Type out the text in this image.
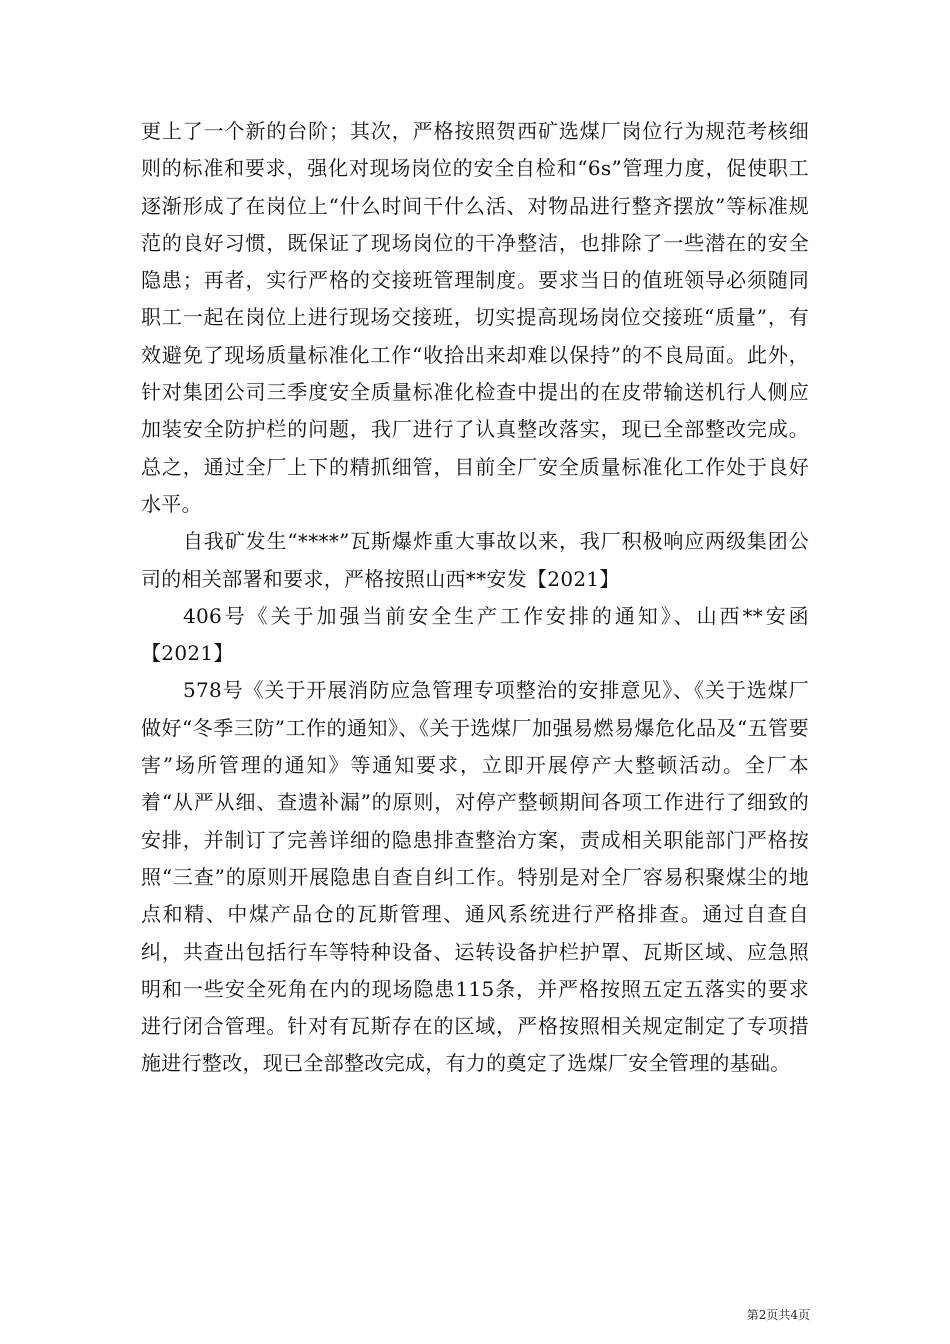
更上了一个新的台阶；其次，严格按照贺西矿选煤厂岗位行为规范考核细则的标准和要求，强化对现场岗位的安全自检和“6s”管理力度，促使职工逐渐形成了在岗位上“什么时间干什么活、对物品进行整齐摆放”等标准规范的良好习惯，既保证了现场岗位的干净整洁，也排除了一些潜在的安全隐患；再者，实行严格的交接班管理制度。要求当日的值班领导必须随同职工一起在岗位上进行现场交接班，切实提高现场岗位交接班“质量”，有效避免了现场质量标准化工作“收拾出来却难以保持”的不良局面。此外，针对集团公司三季度安全质量标准化检查中提出的在皮带输送机行人侧应加装安全防护栏的问题，我厂进行了认真整改落实，现已全部整改完成。总之，通过全厂上下的精抓细管，目前全厂安全质量标准化工作处于良好水平。

自我矿发生“****”瓦斯爆炸重大事故以来，我厂积极响应两级集团公司的相关部署和要求，严格按照山西**安发【2021】

406号《关于加强当前安全生产工作安排的通知》、山西**安函【2021】

578号《关于开展消防应急管理专项整治的安排意见》、《关于选煤厂做好“冬季三防”工作的通知》、《关于选煤厂加强易燃易爆危化品及“五管要害”场所管理的通知》等通知要求，立即开展停产大整顿活动。全厂本着“从严从细、查遗补漏”的原则，对停产整顿期间各项工作进行了细致的安排，并制订了完善详细的隐患排查整治方案，责成相关职能部门严格按照“三查”的原则开展隐患自查自纠工作。特别是对全厂容易积聚煤尘的地点和精、中煤产品仓的瓦斯管理、通风系统进行严格排查。通过自查自纠，共查出包括行车等特种设备、运转设备护栏护罩、瓦斯区域、应急照明和一些安全死角在内的现场隐患115条，并严格按照五定五落实的要求进行闭合管理。针对有瓦斯存在的区域，严格按照相关规定制定了专项措施进行整改，现已全部整改完成，有力的奠定了选煤厂安全管理的基础。

第2页共4页
